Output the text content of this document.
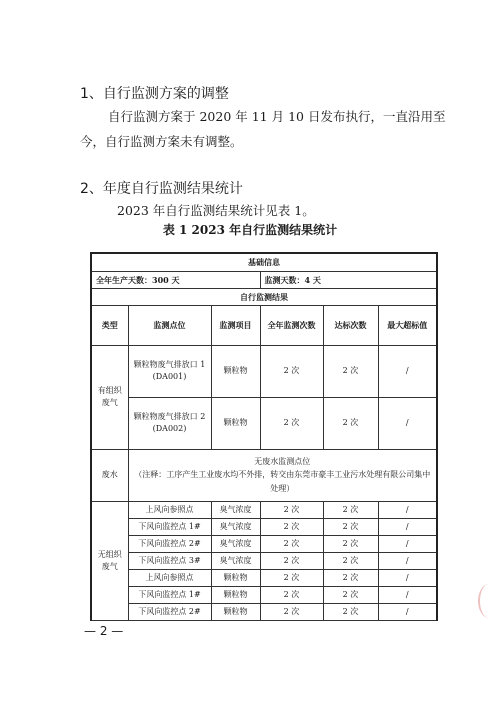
1、自行监测方案的调整
自行监测方案于 2020 年 11 月 10 日发布执行，一直沿用至
今，自行监测方案未有调整。
2、年度自行监测结果统计
2023 年自行监测结果统计见表 1。
表 1 2023 年自行监测结果统计
基础信息					
全年生产天数：300 天			监测天数：4 天		
自行监测结果					
类型	监测点位	监测项目	全年监测次数	达标次数	最大超标值
有组织废气	颗粒物废气排放口 1 (DA001)	颗粒物	2 次	2 次	/
	颗粒物废气排放口 2 (DA002)	颗粒物	2 次	2 次	/
废水	无废水监测点位
（注释：工序产生工业废水均不外排，转交由东莞市豪丰工业污水处理有限公司集中处理）				

无组织废气	上风向参照点	臭气浓度	2 次	2 次	/
	下风向监控点 1#	臭气浓度	2 次	2 次	/
	下风向监控点 2#	臭气浓度	2 次	2 次	/
	下风向监控点 3#	臭气浓度	2 次	2 次	/
	上风向参照点	颗粒物	2 次	2 次	/
	下风向监控点 1#	颗粒物	2 次	2 次	/
	下风向监控点 2#	颗粒物	2 次	2 次	/
— 2 —
